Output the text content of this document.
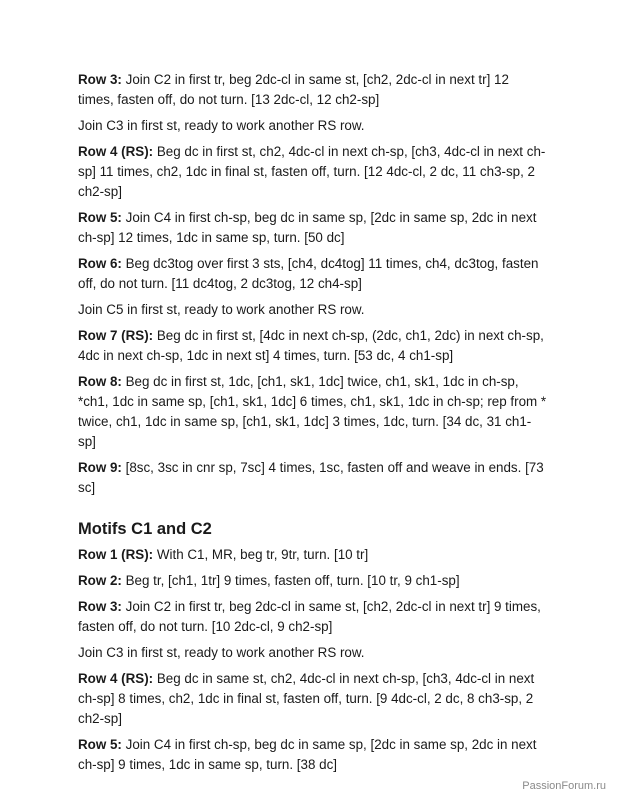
Row 3: Join C2 in first tr, beg 2dc-cl in same st, [ch2, 2dc-cl in next tr] 12 times, fasten off, do not turn. [13 2dc-cl, 12 ch2-sp]

Join C3 in first st, ready to work another RS row.

Row 4 (RS): Beg dc in first st, ch2, 4dc-cl in next ch-sp, [ch3, 4dc-cl in next ch-sp] 11 times, ch2, 1dc in final st, fasten off, turn. [12 4dc-cl, 2 dc, 11 ch3-sp, 2 ch2-sp]

Row 5: Join C4 in first ch-sp, beg dc in same sp, [2dc in same sp, 2dc in next ch-sp] 12 times, 1dc in same sp, turn. [50 dc]

Row 6: Beg dc3tog over first 3 sts, [ch4, dc4tog] 11 times, ch4, dc3tog, fasten off, do not turn. [11 dc4tog, 2 dc3tog, 12 ch4-sp]

Join C5 in first st, ready to work another RS row.

Row 7 (RS): Beg dc in first st, [4dc in next ch-sp, (2dc, ch1, 2dc) in next ch-sp, 4dc in next ch-sp, 1dc in next st] 4 times, turn. [53 dc, 4 ch1-sp]

Row 8: Beg dc in first st, 1dc, [ch1, sk1, 1dc] twice, ch1, sk1, 1dc in ch-sp, *ch1, 1dc in same sp, [ch1, sk1, 1dc] 6 times, ch1, sk1, 1dc in ch-sp; rep from * twice, ch1, 1dc in same sp, [ch1, sk1, 1dc] 3 times, 1dc, turn. [34 dc, 31 ch1-sp]

Row 9: [8sc, 3sc in cnr sp, 7sc] 4 times, 1sc, fasten off and weave in ends. [73 sc]

Motifs C1 and C2

Row 1 (RS): With C1, MR, beg tr, 9tr, turn. [10 tr]

Row 2: Beg tr, [ch1, 1tr] 9 times, fasten off, turn. [10 tr, 9 ch1-sp]

Row 3: Join C2 in first tr, beg 2dc-cl in same st, [ch2, 2dc-cl in next tr] 9 times, fasten off, do not turn. [10 2dc-cl, 9 ch2-sp]

Join C3 in first st, ready to work another RS row.

Row 4 (RS): Beg dc in same st, ch2, 4dc-cl in next ch-sp, [ch3, 4dc-cl in next ch-sp] 8 times, ch2, 1dc in final st, fasten off, turn. [9 4dc-cl, 2 dc, 8 ch3-sp, 2 ch2-sp]

Row 5: Join C4 in first ch-sp, beg dc in same sp, [2dc in same sp, 2dc in next ch-sp] 9 times, 1dc in same sp, turn. [38 dc]

PassionForum.ru
